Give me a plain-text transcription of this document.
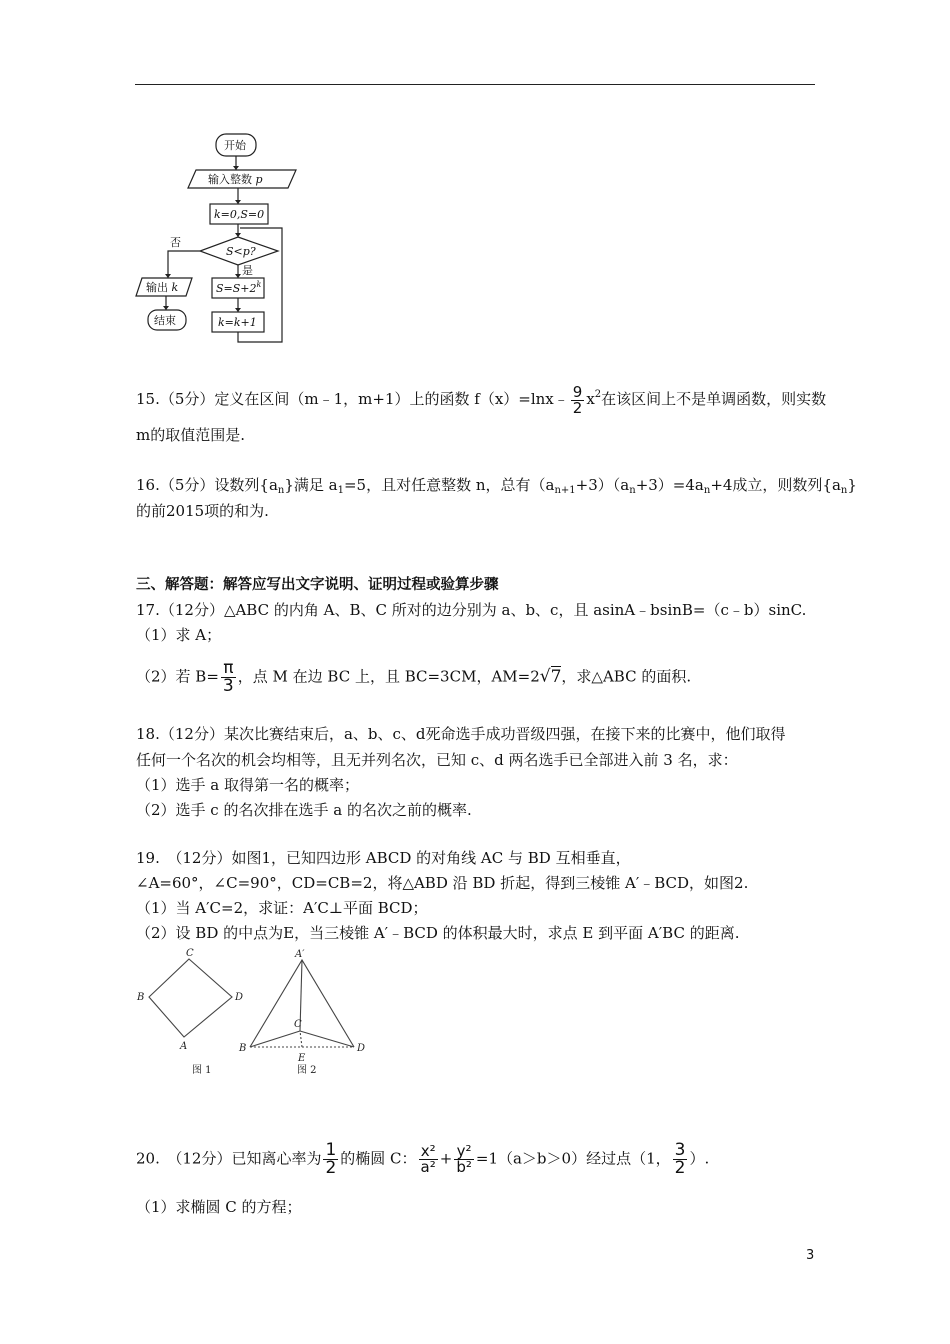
开始
输入整数 p
k=0,S=0
S<p?
否
是
输出 k
结束
$S=S+2^k$
k=k+1
15.（5分）定义在区间（m﹣1，m+1）上的函数 f（x）=lnx﹣ $\frac{9}{2} x^2$在该区间上不是单调函数，则实数
m的取值范围是.
16.（5分）设数列$\{a_n\}$满足 $a_1=5$，且对任意整数 n，总有$(a_{n+1}+3)(a_n+3)=4a_n+4$成立，则数列$\{a_n\}$
的前2015项的和为.
三、解答题：解答应写出文字说明、证明过程或验算步骤
17.（12分）△ABC 的内角 A、B、C 所对的边分别为 a、b、c，且 asinA﹣bsinB=（c﹣b）sinC.
（1）求 A；
（2）若 $B= \frac{\pi}{3}$ ，点 M 在边 BC 上，且 BC=3CM，AM=2√7，求△ABC 的面积.
18.（12分）某次比赛结束后，a、b、c、d死命选手成功晋级四强，在接下来的比赛中，他们取得
任何一个名次的机会均相等，且无并列名次，已知 c、d 两名选手已全部进入前 3 名，求：
（1）选手 a 取得第一名的概率；
（2）选手 c 的名次排在选手 a 的名次之前的概率.
19.　（12分）如图1，已知四边形 ABCD 的对角线 AC 与 BD 互相垂直，
∠A=60°，∠C=90°，CD=CB=2，将△ABD 沿 BD 折起，得到三棱锥 A′﹣BCD，如图2.
（1）当 A′C=2，求证：A′C⊥平面 BCD；
（2）设 BD 的中点为E，当三棱锥 A′﹣BCD 的体积最大时，求点 E 到平面 A′BC 的距离.
C
B	D
A
A′
B
C
D
E
图 1	图 2
20.　（12分）已知离心率为 $\frac{1}{2}$ 的椭圆 C： $\frac{\text{x²}}{\text{a²}} + \frac{\text{y²}}{\text{b²}} =1(a>b>0)$经过点（1， $\frac{3}{2}$ ）.
（1）求椭圆 C 的方程；
3
